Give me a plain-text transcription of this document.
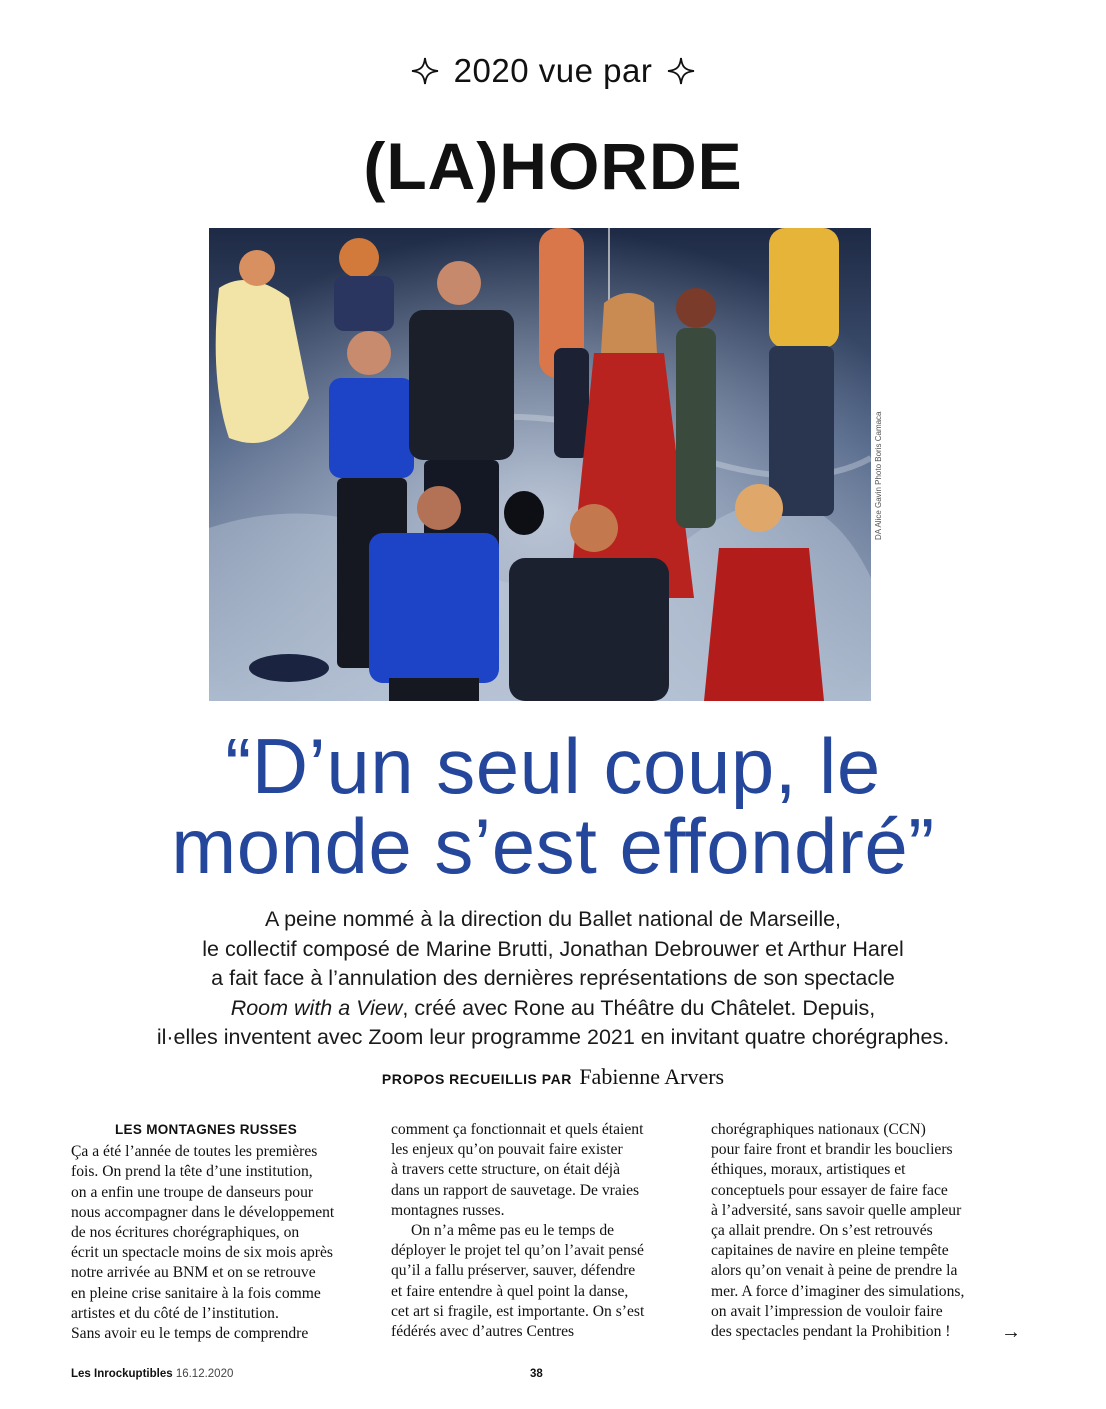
2020 vue par
(LA)HORDE
DA Alice Gavin Photo Boris Camaca
“D’un seul coup, le
monde s’est effondré”
A peine nommé à la direction du Ballet national de Marseille,
le collectif composé de Marine Brutti, Jonathan Debrouwer et Arthur Harel
a fait face à l’annulation des dernières représentations de son spectacle
Room with a View, créé avec Rone au Théâtre du Châtelet. Depuis,
il·elles inventent avec Zoom leur programme 2021 en invitant quatre chorégraphes.
PROPOS RECUEILLIS PAR Fabienne Arvers
LES MONTAGNES RUSSES
Ça a été l’année de toutes les premières
fois. On prend la tête d’une institution,
on a enfin une troupe de danseurs pour
nous accompagner dans le développement
de nos écritures chorégraphiques, on
écrit un spectacle moins de six mois après
notre arrivée au BNM et on se retrouve
en pleine crise sanitaire à la fois comme
artistes et du côté de l’institution.
Sans avoir eu le temps de comprendre
comment ça fonctionnait et quels étaient
les enjeux qu’on pouvait faire exister
à travers cette structure, on était déjà
dans un rapport de sauvetage. De vraies
montagnes russes.
On n’a même pas eu le temps de
déployer le projet tel qu’on l’avait pensé
qu’il a fallu préserver, sauver, défendre
et faire entendre à quel point la danse,
cet art si fragile, est importante. On s’est
fédérés avec d’autres Centres
chorégraphiques nationaux (CCN)
pour faire front et brandir les boucliers
éthiques, moraux, artistiques et
conceptuels pour essayer de faire face
à l’adversité, sans savoir quelle ampleur
ça allait prendre. On s’est retrouvés
capitaines de navire en pleine tempête
alors qu’on venait à peine de prendre la
mer. A force d’imaginer des simulations,
on avait l’impression de vouloir faire
des spectacles pendant la Prohibition !	→
Les Inrockuptibles 16.12.2020	38
